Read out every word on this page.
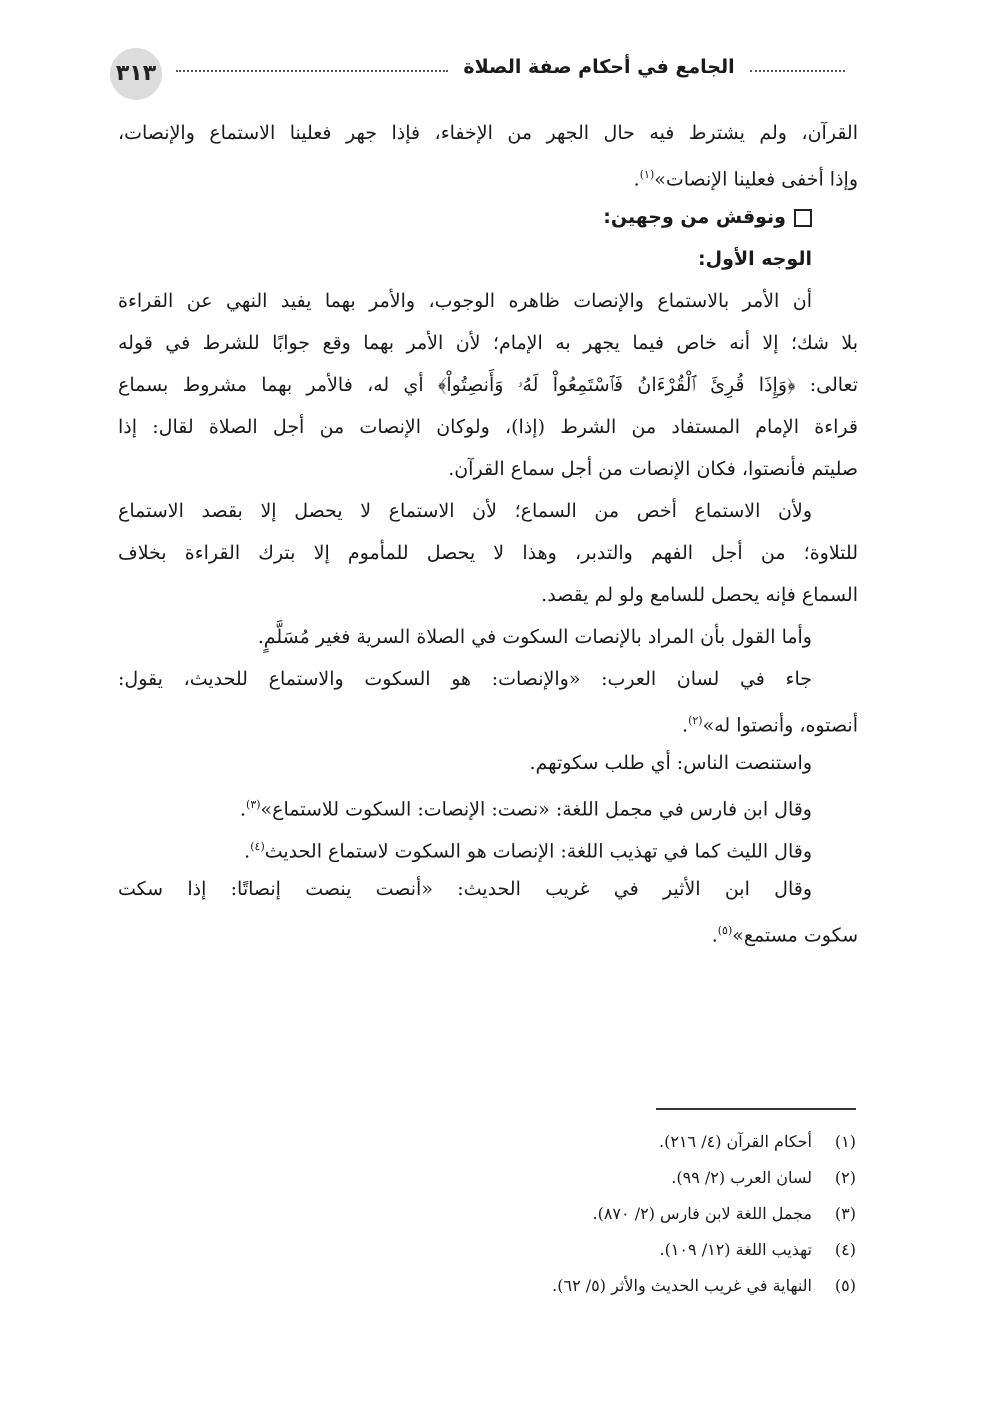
٣١٣	الجامع في أحكام صفة الصلاة
القرآن، ولم يشترط فيه حال الجهر من الإخفاء، فإذا جهر فعلينا الاستماع والإنصات،
وإذا أخفى فعلينا الإنصات»$^{(١)}$.
ونوقش من وجهين:
الوجه الأول:
أن الأمر بالاستماع والإنصات ظاهره الوجوب، والأمر بهما يفيد النهي عن القراءة
بلا شك؛ إلا أنه خاص فيما يجهر به الإمام؛ لأن الأمر بهما وقع جوابًا للشرط في قوله
تعالى: ﴿وَإِذَا قُرِئَ ٱلْقُرْءَانُ فَٱسْتَمِعُواْ لَهُۥ وَأَنصِتُواْ﴾ أي له، فالأمر بهما مشروط بسماع
قراءة الإمام المستفاد من الشرط (إذا)، ولوكان الإنصات من أجل الصلاة لقال: إذا
صليتم فأنصتوا، فكان الإنصات من أجل سماع القرآن.
ولأن الاستماع أخص من السماع؛ لأن الاستماع لا يحصل إلا بقصد الاستماع
للتلاوة؛ من أجل الفهم والتدبر، وهذا لا يحصل للمأموم إلا بترك القراءة بخلاف
السماع فإنه يحصل للسامع ولو لم يقصد.
وأما القول بأن المراد بالإنصات السكوت في الصلاة السرية فغير مُسَلَّمٍ.
جاء في لسان العرب: «والإنصات: هو السكوت والاستماع للحديث، يقول:
أنصتوه، وأنصتوا له»$^{(٢)}$.
واستنصت الناس: أي طلب سكوتهم.
وقال ابن فارس في مجمل اللغة: «نصت: الإنصات: السكوت للاستماع»$^{(٣)}$.
وقال الليث كما في تهذيب اللغة: الإنصات هو السكوت لاستماع الحديث$^{(٤)}$.
وقال ابن الأثير في غريب الحديث: «أنصت ينصت إنصاتًا: إذا سكت
سكوت مستمع»$^{(٥)}$.
(١)أحكام القرآن (٤/ ٢١٦).
(٢)لسان العرب (٢/ ٩٩).
(٣)مجمل اللغة لابن فارس (٢/ ٨٧٠).
(٤)تهذيب اللغة (١٢/ ١٠٩).
(٥)النهاية في غريب الحديث والأثر (٥/ ٦٢).
